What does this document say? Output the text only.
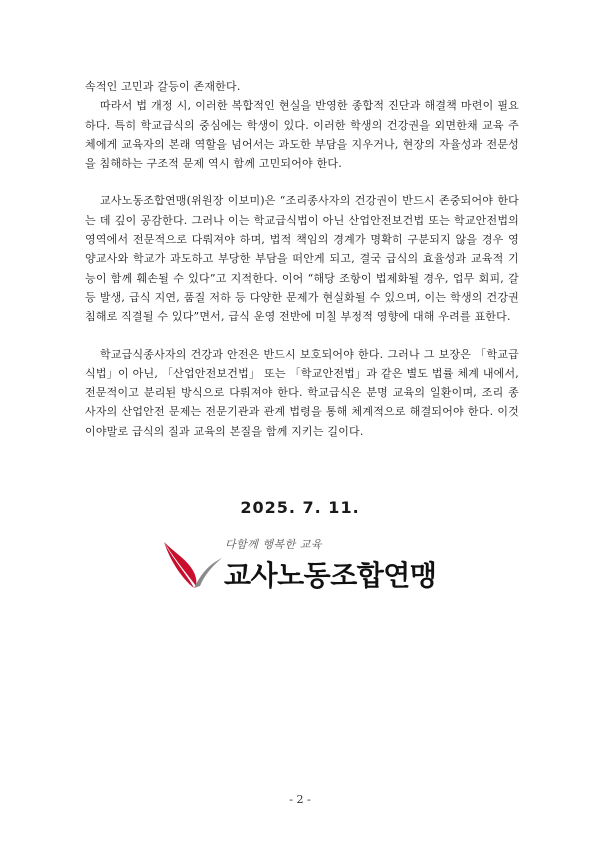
속적인 고민과 갈등이 존재한다.

따라서 법 개정 시, 이러한 복합적인 현실을 반영한 종합적 진단과 해결책 마련이 필요하다. 특히 학교급식의 중심에는 학생이 있다. 이러한 학생의 건강권을 외면한채 교육 주체에게 교육자의 본래 역할을 넘어서는 과도한 부담을 지우거나, 현장의 자율성과 전문성을 침해하는 구조적 문제 역시 함께 고민되어야 한다.

교사노동조합연맹(위원장 이보미)은 “조리종사자의 건강권이 반드시 존중되어야 한다는 데 깊이 공감한다. 그러나 이는 학교급식법이 아닌 산업안전보건법 또는 학교안전법의 영역에서 전문적으로 다뤄져야 하며, 법적 책임의 경계가 명확히 구분되지 않을 경우 영양교사와 학교가 과도하고 부당한 부담을 떠안게 되고, 결국 급식의 효율성과 교육적 기능이 함께 훼손될 수 있다”고 지적한다. 이어 “해당 조항이 법제화될 경우, 업무 회피, 갈등 발생, 급식 지연, 품질 저하 등 다양한 문제가 현실화될 수 있으며, 이는 학생의 건강권 침해로 직결될 수 있다”면서, 급식 운영 전반에 미칠 부정적 영향에 대해 우려를 표한다.

학교급식종사자의 건강과 안전은 반드시 보호되어야 한다. 그러나 그 보장은 「학교급식법」이 아닌, 「산업안전보건법」 또는 「학교안전법」과 같은 별도 법률 체계 내에서, 전문적이고 분리된 방식으로 다뤄져야 한다. 학교급식은 분명 교육의 일환이며, 조리 종사자의 산업안전 문제는 전문기관과 관계 법령을 통해 체계적으로 해결되어야 한다. 이것이야말로 급식의 질과 교육의 본질을 함께 지키는 길이다.

2025. 7. 11.
다함께 행복한 교육
교사노동조합연맹
- 2 -
